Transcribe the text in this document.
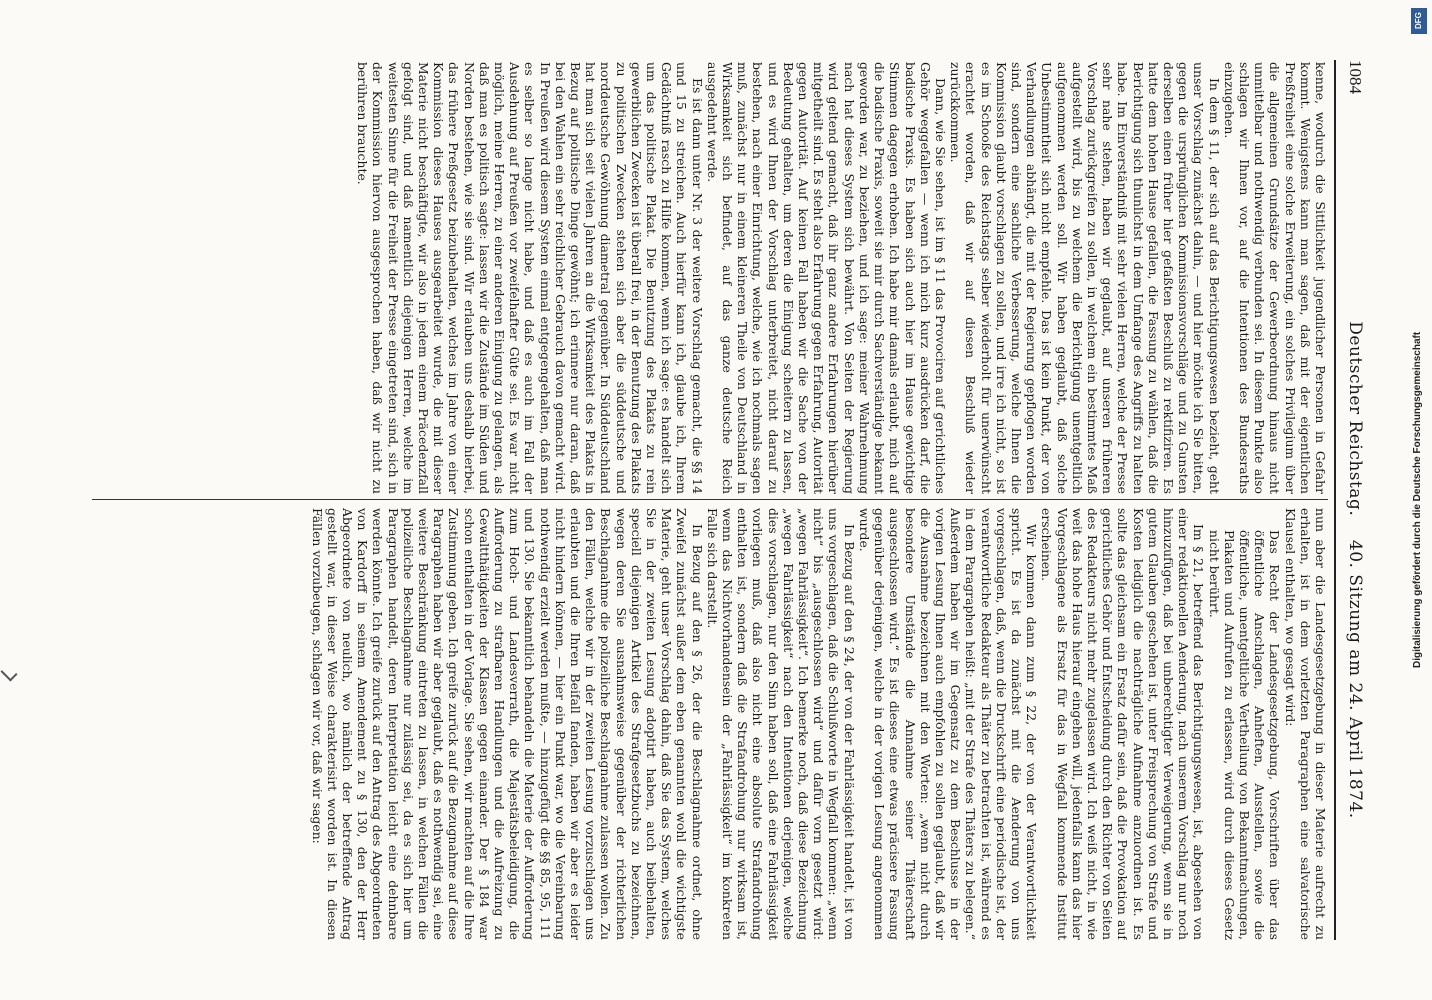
1084
Deutscher Reichstag.    40. Sitzung am 24. April 1874.

kenne, wodurch die Sittlichkeit jugendlicher Personen in Gefahr kommt. Wenigstens kann man sagen, daß mit der eigentlichen Preßfreiheit eine solche Erweiterung, ein solches Privilegium über die allgemeinen Grundsätze der Gewerbeordnung hinaus nicht unmittelbar und nothwendig verbunden sei. In diesem Punkte also schlagen wir Ihnen vor, auf die Intentionen des Bundesraths einzugehen.

In dem § 11, der sich auf das Berichtigungswesen bezieht, geht unser Vorschlag zunächst dahin, — und hier möchte ich Sie bitten, gegen die ursprünglichen Kommissionsvorschläge und zu Gunsten derselben einen früher hier gefaßten Beschluß zu rektifiziren. Es hatte dem hohen Hause gefallen, die Fassung zu wählen, daß die Berichtigung sich thunlichst in dem Umfange des Angriffs zu halten habe. Im Einverständniß mit sehr vielen Herren, welche der Presse sehr nahe stehen, haben wir geglaubt, auf unseren früheren Vorschlag zurückgreifen zu sollen, in welchem ein bestimmtes Maß aufgestellt wird, bis zu welchem die Berichtigung unentgeltlich aufgenommen werden soll. Wir haben geglaubt, daß solche Unbestimmtheit sich nicht empfehle. Das ist kein Punkt, der von Verhandlungen abhängt, die mit der Regierung gepflogen worden sind, sondern eine sachliche Verbesserung, welche Ihnen die Kommission glaubt vorschlagen zu sollen, und irre ich nicht, so ist es im Schooße des Reichstags selber wiederholt für unerwünscht erachtet worden, daß wir auf diesen Beschluß wieder zurückkommen.

Dann, wie Sie sehen, ist im § 11 das Provociren auf gerichtliches Gehör weggefallen — wenn ich mich kurz ausdrücken darf, die badische Praxis. Es haben sich auch hier im Hause gewichtige Stimmen dagegen erhoben. Ich habe mir damals erlaubt, mich auf die badische Praxis, soweit sie mir durch Sachverständige bekannt geworden war, zu beziehen, und ich sage: meiner Wahrnehmung nach hat dieses System sich bewährt. Von Seiten der Regierung wird geltend gemacht, daß ihr ganz andere Erfahrungen hierüber mitgetheilt sind. Es steht also Erfahrung gegen Erfahrung, Autorität gegen Autorität. Auf keinen Fall haben wir die Sache von der Bedeutung gehalten, um deren die Einigung scheitern zu lassen, und es wird Ihnen der Vorschlag unterbreitet, nicht darauf zu bestehen, nach einer Einrichtung, welche, wie ich nochmals sagen muß, zunächst nur in einem kleineren Theile von Deutschland in Wirksamkeit sich befindet, auf das ganze deutsche Reich ausgedehnt werde.

Es ist dann unter Nr. 3 der weitere Vorschlag gemacht, die §§ 14 und 15 zu streichen. Auch hierfür kann ich, glaube ich, Ihrem Gedächtniß rasch zu Hilfe kommen, wenn ich sage: es handelt sich um das politische Plakat. Die Benutzung des Plakats zu rein gewerblichen Zwecken ist überall frei, in der Benutzung des Plakats zu politischen Zwecken stehen sich aber die süddeutsche und norddeutsche Gewöhnung diametral gegenüber. In Süddeutschland hat man sich seit vielen Jahren an die Wirksamkeit des Plakats in Bezug auf politische Dinge gewöhnt; ich erinnere nur daran, daß bei den Wahlen ein sehr reichlicher Gebrauch davon gemacht wird. In Preußen wird diesem System einmal entgegengehalten, daß man es selber so lange nicht habe, und daß es auch im Fall der Ausdehnung auf Preußen vor zweifelhafter Güte sei. Es war nicht möglich, meine Herren, zu einer anderen Einigung zu gelangen, als daß man es politisch sagte: lassen wir die Zustände im Süden und Norden bestehen, wie sie sind. Wir erlauben uns deshalb hierbei, das frühere Preßgesetz beizubehalten, welches im Jahre von einer Kommission dieses Hauses ausgearbeitet wurde, die mit dieser Materie nicht beschäftigte, wir also in jedem einem Präcedenzfall gefolgt sind, und daß namentlich diejenigen Herren, welche im weitesten Sinne für die Freiheit der Presse eingetreten sind, sich in der Kommission hiervon ausgesprochen haben, daß wir nicht zu berühren brauchte.

nun aber die Landesgesetzgebung in dieser Materie aufrecht zu erhalten, ist in dem vorletzten Paragraphen eine salvatorische Klausel enthalten, wo gesagt wird:

Das Recht der Landesgesetzgebung, Vorschriften über das öffentliche Anschlagen, Anheften, Ausstellen, sowie die öffentliche, unentgeltliche Vertheilung von Bekanntmachungen, Plakaten und Aufrufen zu erlassen, wird durch dieses Gesetz nicht berührt.

Im § 21, betreffend das Berichtigungswesen, ist, abgesehen von einer redaktionellen Aenderung, nach unserem Vorschlag nur noch hinzuzufügen, daß bei unberechtigter Verweigerung, wenn sie in gutem Glauben geschehen ist, unter Freisprechung von Strafe und Kosten lediglich die nachträgliche Aufnahme anzuordnen ist. Es sollte das gleichsam ein Ersatz dafür sein, daß die Provokation auf gerichtliches Gehör und Entscheidung durch den Richter von Seiten des Redakteurs nicht mehr zugelassen wird. Ich weiß nicht, in wie weit das hohe Haus hierauf eingehen will, jedenfalls kann das hier Vorgeschlagene als Ersatz für das in Wegfall kommende Institut erscheinen.

Wir kommen dann zum § 22, der von der Verantwortlichkeit spricht. Es ist da zunächst mit die Aenderung von uns vorgeschlagen, daß, wenn die Druckschrift eine periodische ist, der verantwortliche Redakteur als Thäter zu betrachten ist, während es in dem Paragraphen heißt: „mit der Strafe des Thäters zu belegen.“ Außerdem haben wir im Gegensatz zu dem Beschlusse in der vorigen Lesung Ihnen auch empfohlen zu sollen geglaubt, daß wir die Ausnahme bezeichnen mit den Worten: „wenn nicht durch besondere Umstände die Annahme seiner Thäterschaft ausgeschlossen wird.“ Es ist dieses eine etwas präcisere Fassung gegenüber derjenigen, welche in der vorigen Lesung angenommen wurde.

In Bezug auf den § 24, der von der Fahrlässigkeit handelt, ist von uns vorgeschlagen, daß die Schlußworte in Wegfall kommen: „wenn nicht“ bis „ausgeschlossen wird“ und dafür vorn gesetzt wird: „wegen Fahrlässigkeit“. Ich bemerke noch, daß diese Bezeichnung „wegen Fahrlässigkeit“ nach den Intentionen derjenigen, welche dies vorschlagen, nur den Sinn haben soll, daß eine Fahrlässigkeit vorliegen muß, daß also nicht eine absolute Strafandrohung enthalten ist, sondern daß die Strafandrohung nur wirksam ist, wenn das Nichtvorhandensein der „Fahrlässigkeit“ im konkreten Falle sich darstellt.

In Bezug auf den § 26, der die Beschlagnahme ordnet, ohne Zweifel zunächst außer dem eben genannten wohl die wichtigste Materie, geht unser Vorschlag dahin, daß Sie das System, welches Sie in der zweiten Lesung adoptirt haben, auch beibehalten, speciell diejenigen Artikel des Strafgesetzbuchs zu bezeichnen, wegen deren Sie ausnahmsweise gegenüber der richterlichen Beschlagnahme die polizeiliche Beschlagnahme zulassen wollen. Zu den Fällen, welche wir in der zweiten Lesung vorzuschlagen uns erlaubten und die Ihren Beifall fanden, haben wir aber es leider nicht hindern können, — hier ein Punkt war, wo die Vereinbarung nothwendig erzielt werden mußte, — hinzugefügt die §§ 85, 95, 111 und 130. Sie bekanntlich behandeln die Materie der Aufforderung zum Hoch- und Landesverrath, die Majestätsbeleidigung, die Aufforderung zu strafbaren Handlungen und die Aufreizung zu Gewaltthätigkeiten der Klassen gegen einander. Der § 184 war schon enthalten in der Vorlage. Sie sehen, wir machten auf die Ihre Zustimmung geben. Ich greife zurück auf die Bezugnahme auf diese Paragraphen haben wir aber geglaubt, daß es nothwendig sei, eine weitere Beschränkung eintreten zu lassen, in welchen Fällen die polizeiliche Beschlagnahme nur zulässig sei, da es sich hier um Paragraphen handelt, deren Interpretation leicht eine dehnbare werden könnte. Ich greife zurück auf den Antrag des Abgeordneten von Kardorff in seinem Amendement zu § 130, den der Herr Abgeordnete von neulich, wo nämlich der betreffende Antrag gestellt war, in dieser Weise charakterisirt worden ist. In diesen Fällen vorzubeugen, schlagen wir vor, daß wir sagen:

Digitalisierung gefördert durch die Deutsche Forschungsgemeinschaft
DFG
